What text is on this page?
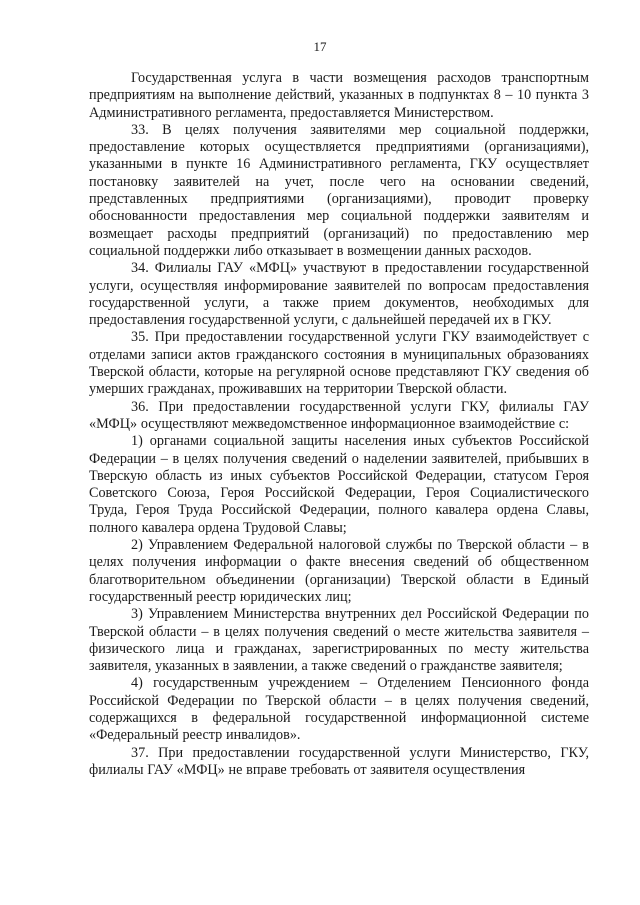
17

Государственная услуга в части возмещения расходов транспортным предприятиям на выполнение действий, указанных в подпунктах 8 – 10 пункта 3 Административного регламента, предоставляется Министерством.

33. В целях получения заявителями мер социальной поддержки, предоставление которых осуществляется предприятиями (организациями), указанными в пункте 16 Административного регламента, ГКУ осуществляет постановку заявителей на учет, после чего на основании сведений, представленных предприятиями (организациями), проводит проверку обоснованности предоставления мер социальной поддержки заявителям и возмещает расходы предприятий (организаций) по предоставлению мер социальной поддержки либо отказывает в возмещении данных расходов.

34. Филиалы ГАУ «МФЦ» участвуют в предоставлении государственной услуги, осуществляя информирование заявителей по вопросам предоставления государственной услуги, а также прием документов, необходимых для предоставления государственной услуги, с дальнейшей передачей их в ГКУ.

35. При предоставлении государственной услуги ГКУ взаимодействует с отделами записи актов гражданского состояния в муниципальных образованиях Тверской области, которые на регулярной основе представляют ГКУ сведения об умерших гражданах, проживавших на территории Тверской области.

36. При предоставлении государственной услуги ГКУ, филиалы ГАУ «МФЦ» осуществляют межведомственное информационное взаимодействие с:

1) органами социальной защиты населения иных субъектов Российской Федерации – в целях получения сведений о наделении заявителей, прибывших в Тверскую область из иных субъектов Российской Федерации, статусом Героя Советского Союза, Героя Российской Федерации, Героя Социалистического Труда, Героя Труда Российской Федерации, полного кавалера ордена Славы, полного кавалера ордена Трудовой Славы;

2) Управлением Федеральной налоговой службы по Тверской области – в целях получения информации о факте внесения сведений об общественном благотворительном объединении (организации) Тверской области в Единый государственный реестр юридических лиц;

3) Управлением Министерства внутренних дел Российской Федерации по Тверской области – в целях получения сведений о месте жительства заявителя – физического лица и гражданах, зарегистрированных по месту жительства заявителя, указанных в заявлении, а также сведений о гражданстве заявителя;

4) государственным учреждением – Отделением Пенсионного фонда Российской Федерации по Тверской области – в целях получения сведений, содержащихся в федеральной государственной информационной системе «Федеральный реестр инвалидов».

37. При предоставлении государственной услуги Министерство, ГКУ, филиалы ГАУ «МФЦ» не вправе требовать от заявителя осуществления
